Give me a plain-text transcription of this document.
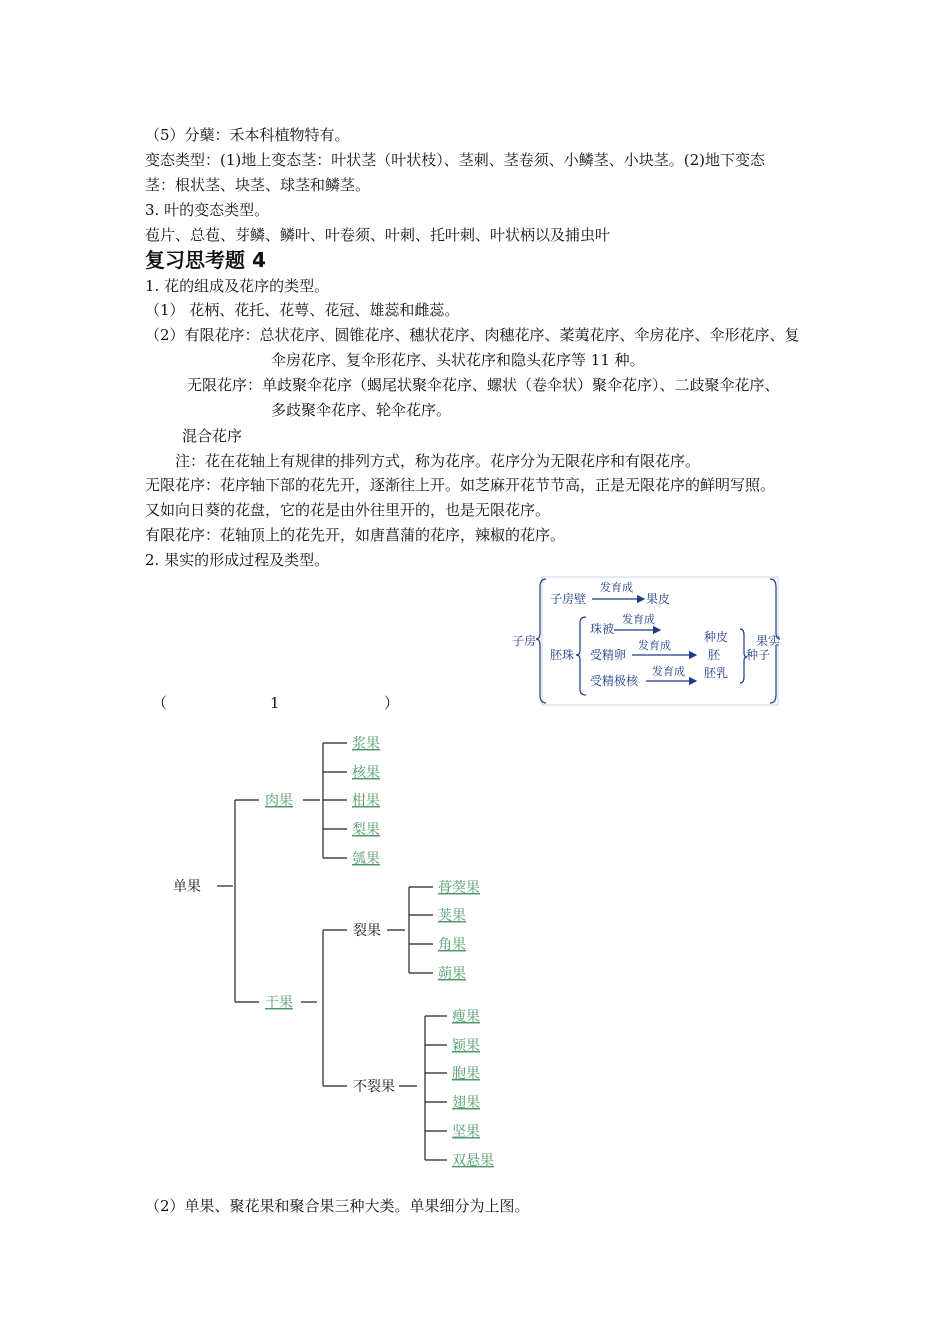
（5）分蘖：禾本科植物特有。
变态类型：(1)地上变态茎：叶状茎（叶状枝）、茎刺、茎卷须、小鳞茎、小块茎。(2)地下变态
茎：根状茎、块茎、球茎和鳞茎。
3. 叶的变态类型。
苞片、总苞、芽鳞、鳞叶、叶卷须、叶刺、托叶刺、叶状柄以及捕虫叶
复习思考题 4
1. 花的组成及花序的类型。
（1） 花柄、花托、花萼、花冠、雄蕊和雌蕊。
（2）有限花序：总状花序、圆锥花序、穗状花序、肉穗花序、葇荑花序、伞房花序、伞形花序、复
伞房花序、复伞形花序、头状花序和隐头花序等 11 种。
无限花序：单歧聚伞花序（蝎尾状聚伞花序、螺状（卷伞状）聚伞花序）、二歧聚伞花序、
多歧聚伞花序、轮伞花序。
混合花序
注：花在花轴上有规律的排列方式，称为花序。花序分为无限花序和有限花序。
无限花序：花序轴下部的花先开，逐渐往上开。如芝麻开花节节高，正是无限花序的鲜明写照。
又如向日葵的花盘，它的花是由外往里开的，也是无限花序。
有限花序：花轴顶上的花先开，如唐菖蒲的花序，辣椒的花序。
2. 果实的形成过程及类型。
（	1	）
（2）单果、聚花果和聚合果三种大类。单果细分为上图。
子房
子房壁
发育成
果皮
胚珠
珠被
发育成
受精卵
发育成
受精极核
发育成
种皮
胚
胚乳
种子
果实
单果
裂果
不裂果
肉果
干果
浆果
核果
柑果
梨果
瓠果
蓇葖果
荚果
角果
蒴果
瘦果
颖果
胞果
翅果
坚果
双悬果
